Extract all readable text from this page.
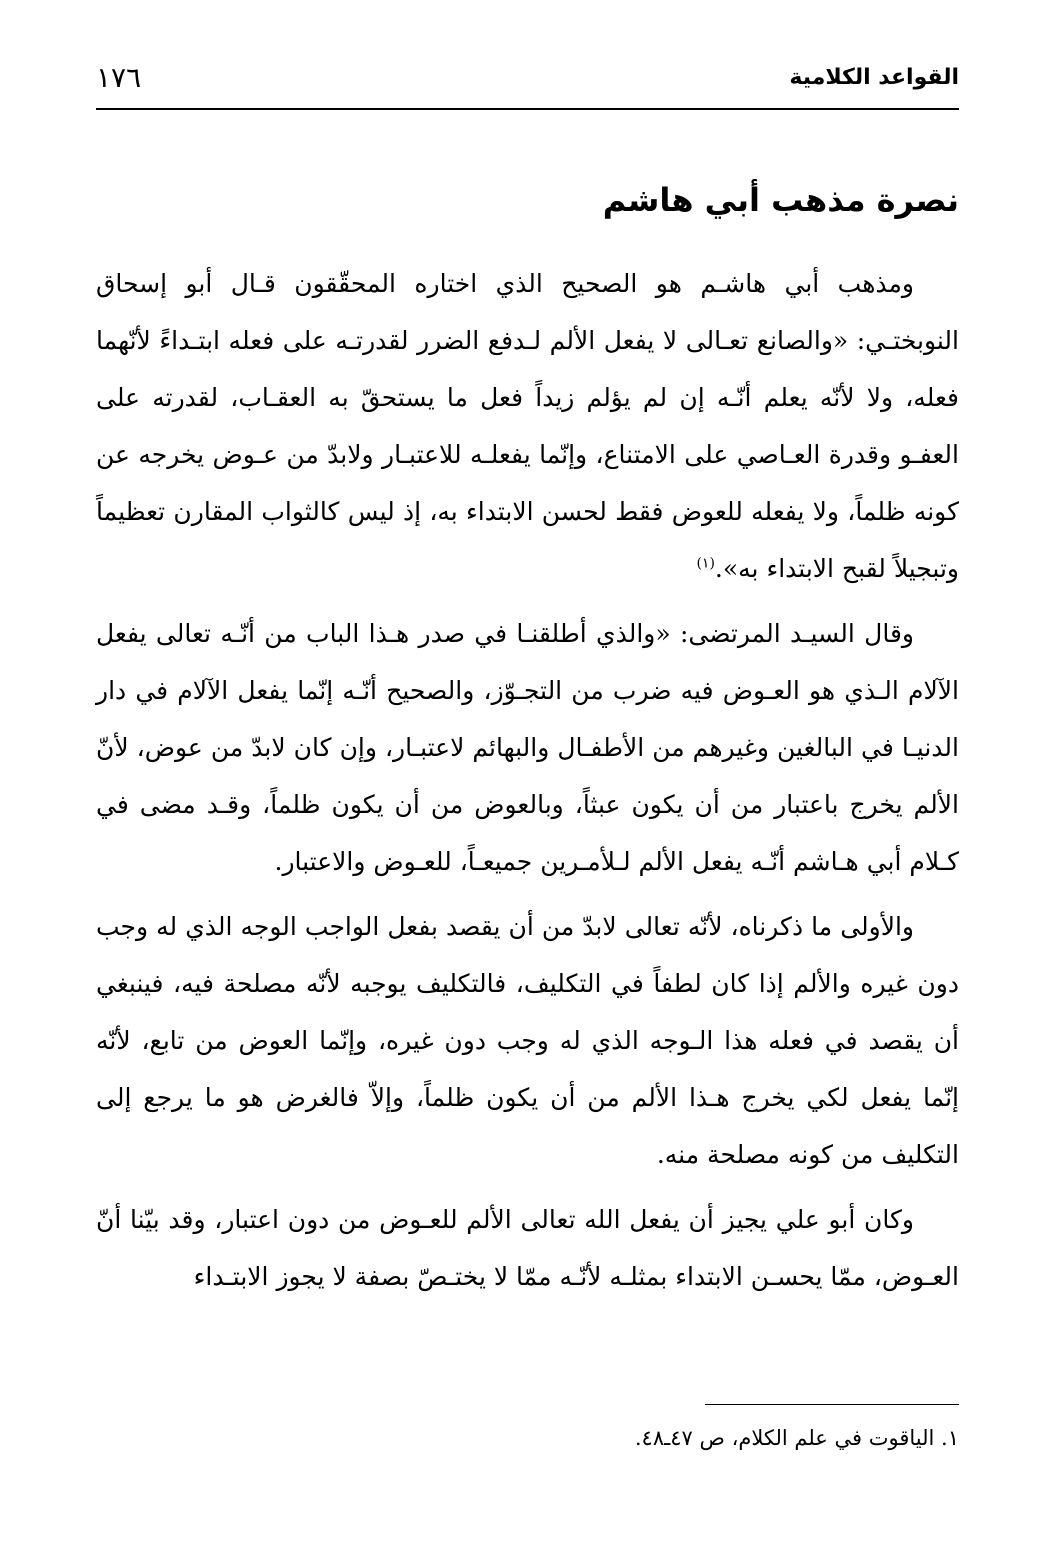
القواعد الكلامية
١٧٦
نصرة مذهب أبي هاشم

ومذهب أبي هاشـم هو الصحيح الذي اختاره المحقّقون قـال أبو إسحاق النوبختـي: «والصانع تعـالى لا يفعل الألم لـدفع الضرر لقدرتـه على فعله ابتـداءً لأنّهما فعله، ولا لأنّه يعلم أنّـه إن لم يؤلم زيداً فعل ما يستحقّ به العقـاب، لقدرته على العفـو وقدرة العـاصي على الامتناع، وإنّما يفعلـه للاعتبـار ولابدّ من عـوض يخرجه عن كونه ظلماً، ولا يفعله للعوض فقط لحسن الابتداء به، إذ ليس كالثواب المقارن تعظيماً وتبجيلاً لقبح الابتداء به».$^{(١)}$

وقال السيـد المرتضى: «والذي أطلقنـا في صدر هـذا الباب من أنّـه تعالى يفعل الآلام الـذي هو العـوض فيه ضرب من التجـوّز، والصحيح أنّـه إنّما يفعل الآلام في دار الدنيـا في البالغين وغيرهم من الأطفـال والبهائم لاعتبـار، وإن كان لابدّ من عوض، لأنّ الألم يخرج باعتبار من أن يكون عبثاً، وبالعوض من أن يكون ظلماً، وقـد مضى في كـلام أبي هـاشم أنّـه يفعل الألم لـلأمـرين جميعـاً، للعـوض والاعتبار.

والأولى ما ذكرناه، لأنّه تعالى لابدّ من أن يقصد بفعل الواجب الوجه الذي له وجب دون غيره والألم إذا كان لطفاً في التكليف، فالتكليف يوجبه لأنّه مصلحة فيه، فينبغي أن يقصد في فعله هذا الـوجه الذي له وجب دون غيره، وإنّما العوض من تابع، لأنّه إنّما يفعل لكي يخرج هـذا الألم من أن يكون ظلماً، وإلاّ فالغرض هو ما يرجع إلى التكليف من كونه مصلحة منه.

وكان أبو علي يجيز أن يفعل الله تعالى الألم للعـوض من دون اعتبار، وقد بيّنا أنّ العـوض، ممّا يحسـن الابتداء بمثلـه لأنّـه ممّا لا يختـصّ بصفة لا يجوز الابتـداء

١. الياقوت في علم الكلام، ص ٤٧ـ٤٨.
